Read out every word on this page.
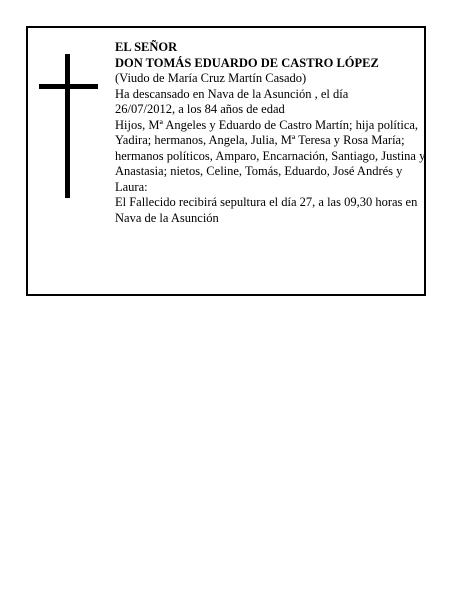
EL SEÑOR
DON TOMÁS EDUARDO DE CASTRO LÓPEZ
(Viudo de María Cruz Martín Casado)
Ha descansado en Nava de la Asunción , el día
26/07/2012, a los 84 años de edad
Hijos, Mª Angeles y Eduardo de Castro Martín; hija política, Yadira; hermanos, Angela, Julia, Mª Teresa y Rosa María; hermanos políticos, Amparo, Encarnación, Santiago, Justina y Anastasia; nietos, Celine, Tomás, Eduardo, José Andrés y Laura:
El Fallecido recibirá sepultura el día 27, a las 09,30 horas en Nava de la Asunción
